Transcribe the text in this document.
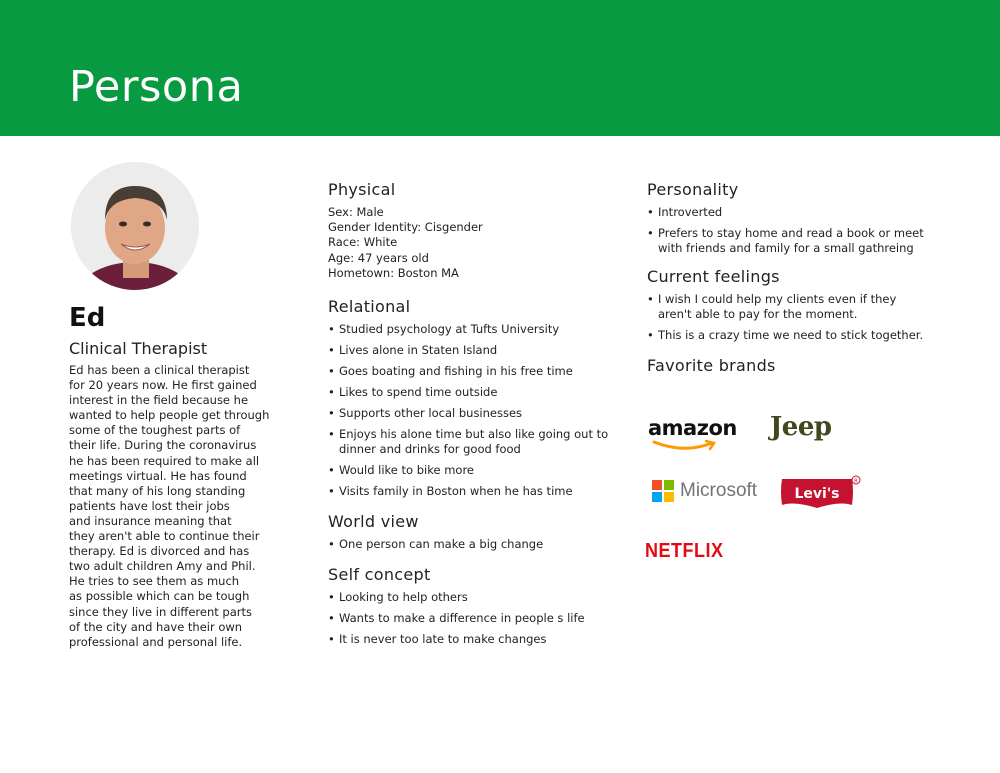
Persona
Ed
Clinical Therapist
Ed has been a clinical therapist
for 20 years now. He first gained
interest in the field because he
wanted to help people get through
some of the toughest parts of
their life. During the coronavirus
he has been required to make all
meetings virtual. He has found
that many of his long standing
patients have lost their jobs
and insurance meaning that
they aren't able to continue their
therapy. Ed is divorced and has
two adult children Amy and Phil.
He tries to see them as much
as possible which can be tough
since they live in different parts
of the city and have their own
professional and personal life.
Physical
Sex: Male
Gender Identity: Cisgender
Race: White
Age: 47 years old
Hometown: Boston MA
Relational
• Studied psychology at Tufts University
• Lives alone in Staten Island
• Goes boating and fishing in his free time
• Likes to spend time outside
• Supports other local businesses
• Enjoys his alone time but also like going out to dinner and drinks for good food
• Would like to bike more
• Visits family in Boston when he has time
World view
• One person can make a big change
Self concept
• Looking to help others
• Wants to make a difference in people s life
• It is never too late to make changes
Personality
• Introverted
• Prefers to stay home and read a book or meet with friends and family for a small gathreing
Current feelings
• I wish I could help my clients even if they aren't able to pay for the moment.
• This is a crazy time we need to stick together.
Favorite brands
amazon Jeep
Microsoft	Levi's
R
NETFLIX
